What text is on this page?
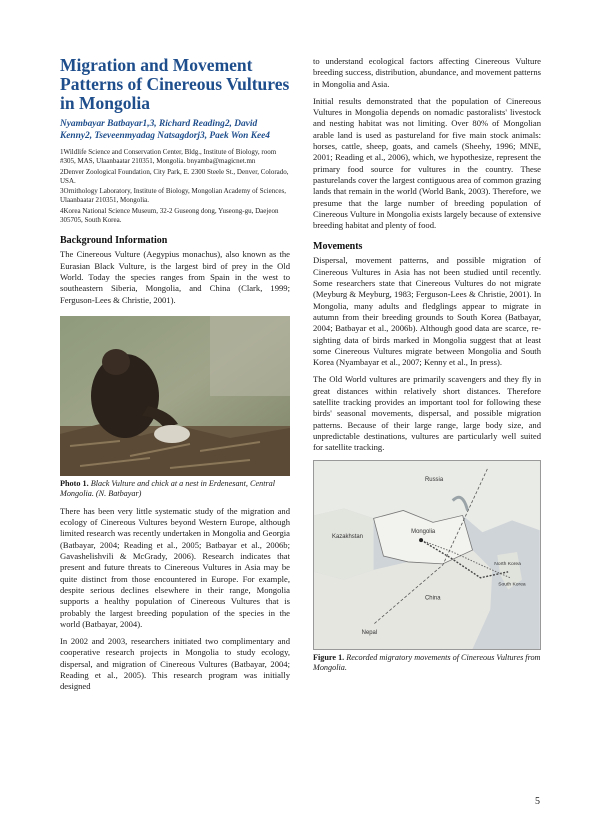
Migration and Movement Patterns of Cinereous Vultures in Mongolia
Nyambayar Batbayar1,3, Richard Reading2, David Kenny2, Tseveenmyadag Natsagdorj3, Paek Won Kee4

1Wildlife Science and Conservation Center, Bldg., Institute of Biology, room #305, MAS, Ulaanbaatar 210351, Mongolia. bnyamba@magicnet.mn

2Denver Zoological Foundation, City Park, E. 2300 Steele St., Denver, Colorado, USA.

3Ornithology Laboratory, Institute of Biology, Mongolian Academy of Sciences, Ulaanbaatar 210351, Mongolia.

4Korea National Science Museum, 32-2 Guseong dong, Yuseong-gu, Daejeon 305705, South Korea.

Background Information

The Cinereous Vulture (Aegypius monachus), also known as the Eurasian Black Vulture, is the largest bird of prey in the Old World. Today the species ranges from Spain in the west to southeastern Siberia, Mongolia, and China (Clark, 1999; Ferguson-Lees & Christie, 2001).

Photo 1. Black Vulture and chick at a nest in Erdenesant, Central Mongolia. (N. Batbayar)

There has been very little systematic study of the migration and ecology of Cinereous Vultures beyond Western Europe, although limited research was recently undertaken in Mongolia and Georgia (Batbayar, 2004; Reading et al., 2005; Batbayar et al., 2006b; Gavashelishvili & McGrady, 2006). Research indicates that present and future threats to Cinereous Vultures in Asia may be quite distinct from those encountered in Europe. For example, despite serious declines elsewhere in their range, Mongolia supports a healthy population of Cinereous Vultures that is probably the largest breeding population of the species in the world (Batbayar, 2004).

In 2002 and 2003, researchers initiated two complimentary and cooperative research projects in Mongolia to study ecology, dispersal, and migration of Cinereous Vultures (Batbayar, 2004; Reading et al., 2005). This research program was initially designed

to understand ecological factors affecting Cinereous Vulture breeding success, distribution, abundance, and movement patterns in Mongolia and Asia.

Initial results demonstrated that the population of Cinereous Vultures in Mongolia depends on nomadic pastoralists' livestock and nesting habitat was not limiting. Over 80% of Mongolian arable land is used as pastureland for five main stock animals: horses, cattle, sheep, goats, and camels (Sheehy, 1996; MNE, 2001; Reading et al., 2006), which, we hypothesize, represent the primary food source for vultures in the country. These pasturelands cover the largest contiguous area of common grazing lands that remain in the world (World Bank, 2003). Therefore, we presume that the large number of breeding population of Cinereous Vulture in Mongolia exists largely because of extensive breeding habitat and plenty of food.

Movements

Dispersal, movement patterns, and possible migration of Cinereous Vultures in Asia has not been studied until recently. Some researchers state that Cinereous Vultures do not migrate (Meyburg & Meyburg, 1983; Ferguson-Lees & Christie, 2001). In Mongolia, many adults and fledglings appear to migrate in autumn from their breeding grounds to South Korea (Batbayar, 2004; Batbayar et al., 2006b). Although good data are scarce, re-sighting data of birds marked in Mongolia suggest that at least some Cinereous Vultures migrate between Mongolia and South Korea (Nyambayar et al., 2007; Kenny et al., In press).

The Old World vultures are primarily scavengers and they fly in great distances within relatively short distances. Therefore satellite tracking provides an important tool for following these birds' seasonal movements, dispersal, and possible migration patterns. Because of their large range, large body size, and unpredictable destinations, vultures are particularly well suited for satellite tracking.

Russia
Kazakhstan
Mongolia
China
Nepal
North Korea
South Korea
Figure 1. Recorded migratory movements of Cinereous Vultures from Mongolia.
5
